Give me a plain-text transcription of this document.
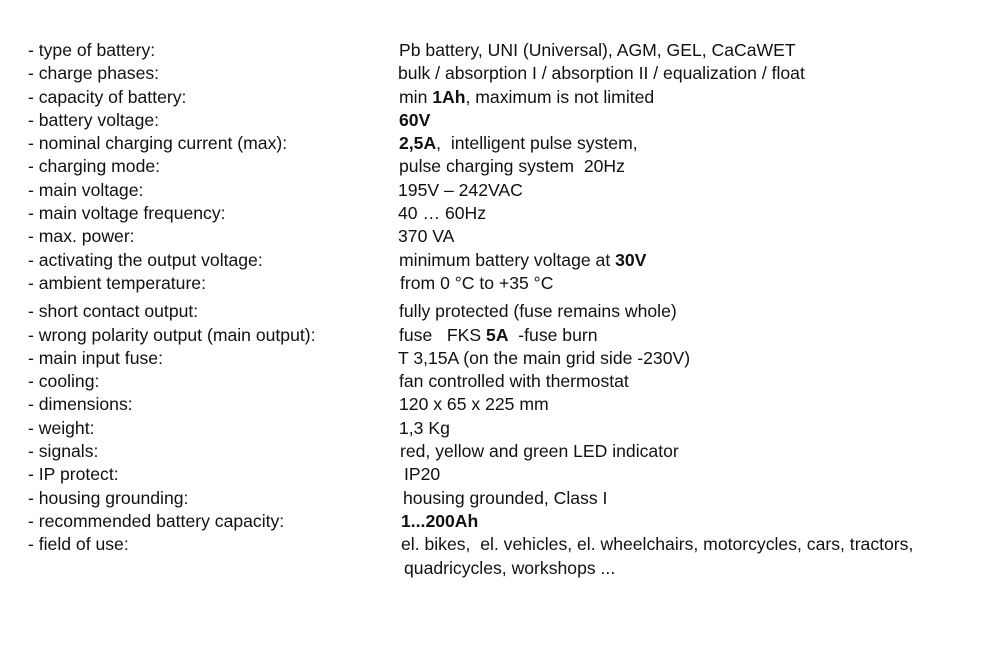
- type of battery:	Pb battery, UNI (Universal), AGM, GEL, CaCaWET
- charge phases:	bulk / absorption I / absorption II / equalization / float
- capacity of battery:	min 1Ah, maximum is not limited
- battery voltage:	60V
- nominal charging current (max):	2,5A,  intelligent pulse system,
- charging mode:	pulse charging system  20Hz
- main voltage:	195V – 242VAC
- main voltage frequency:	40 … 60Hz
- max. power:	370 VA
- activating the output voltage:	minimum battery voltage at 30V
- ambient temperature:	from 0 °C to +35 °C
- short contact output:	fully protected (fuse remains whole)
- wrong polarity output (main output):	fuse   FKS 5A  -fuse burn
- main input fuse:	T 3,15A (on the main grid side -230V)
- cooling:	fan controlled with thermostat
- dimensions:	120 x 65 x 225 mm
- weight:	1,3 Kg
- signals:	red, yellow and green LED indicator
- IP protect:	IP20
- housing grounding:	housing grounded, Class I
- recommended battery capacity:	1...200Ah
- field of use:	el. bikes,  el. vehicles, el. wheelchairs, motorcycles, cars, tractors,
quadricycles, workshops ...
